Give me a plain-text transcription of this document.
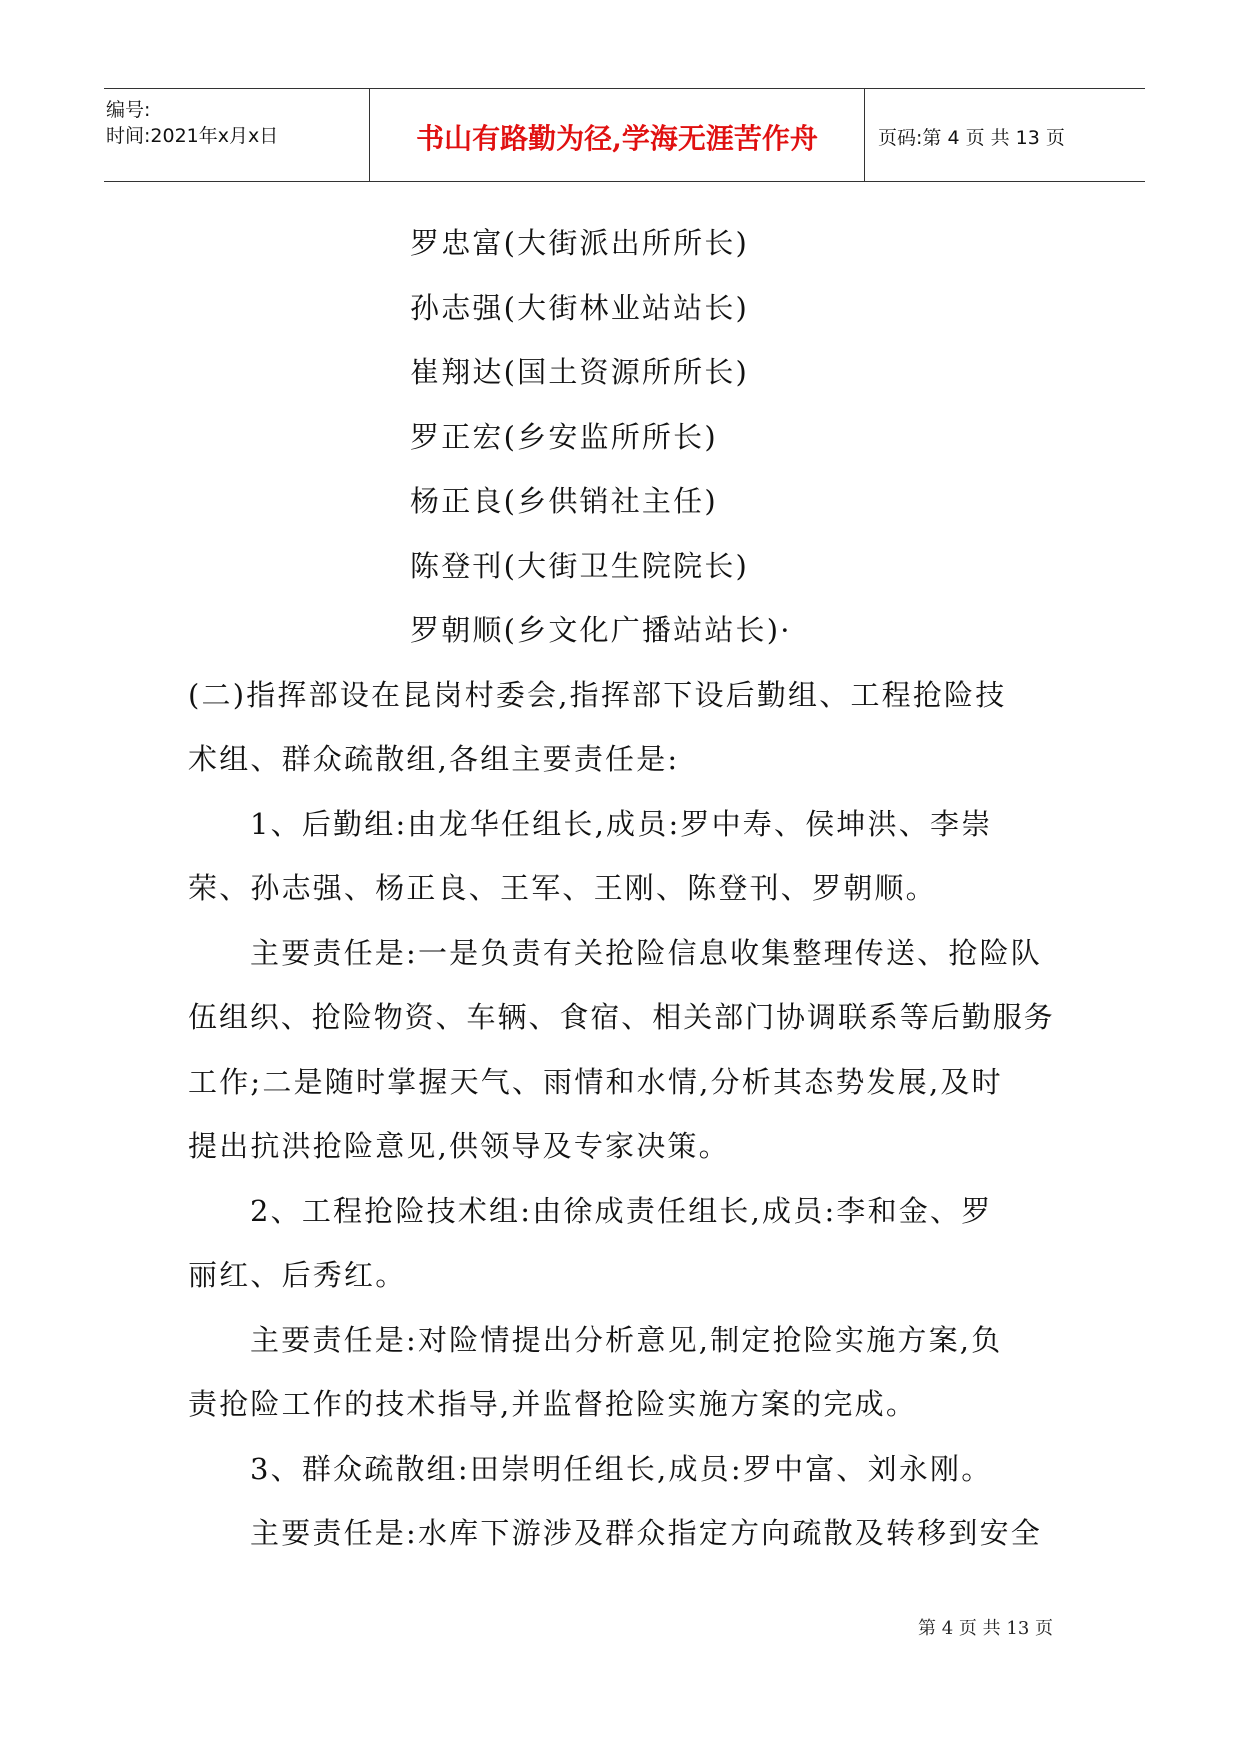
编号:
时间:2021年x月x日	书山有路勤为径,学海无涯苦作舟	页码:第 4 页 共 13 页
罗忠富(大街派出所所长)
孙志强(大街林业站站长)
崔翔达(国土资源所所长)
罗正宏(乡安监所所长)
杨正良(乡供销社主任)
陈登刊(大街卫生院院长)
罗朝顺(乡文化广播站站长)·
(二)指挥部设在昆岗村委会,指挥部下设后勤组、工程抢险技
术组、群众疏散组,各组主要责任是:
1、后勤组:由龙华任组长,成员:罗中寿、侯坤洪、李崇
荣、孙志强、杨正良、王军、王刚、陈登刊、罗朝顺。
主要责任是:一是负责有关抢险信息收集整理传送、抢险队
伍组织、抢险物资、车辆、食宿、相关部门协调联系等后勤服务
工作;二是随时掌握天气、雨情和水情,分析其态势发展,及时
提出抗洪抢险意见,供领导及专家决策。
2、工程抢险技术组:由徐成责任组长,成员:李和金、罗
丽红、后秀红。
主要责任是:对险情提出分析意见,制定抢险实施方案,负
责抢险工作的技术指导,并监督抢险实施方案的完成。
3、群众疏散组:田崇明任组长,成员:罗中富、刘永刚。
主要责任是:水库下游涉及群众指定方向疏散及转移到安全
第 4 页 共 13 页
